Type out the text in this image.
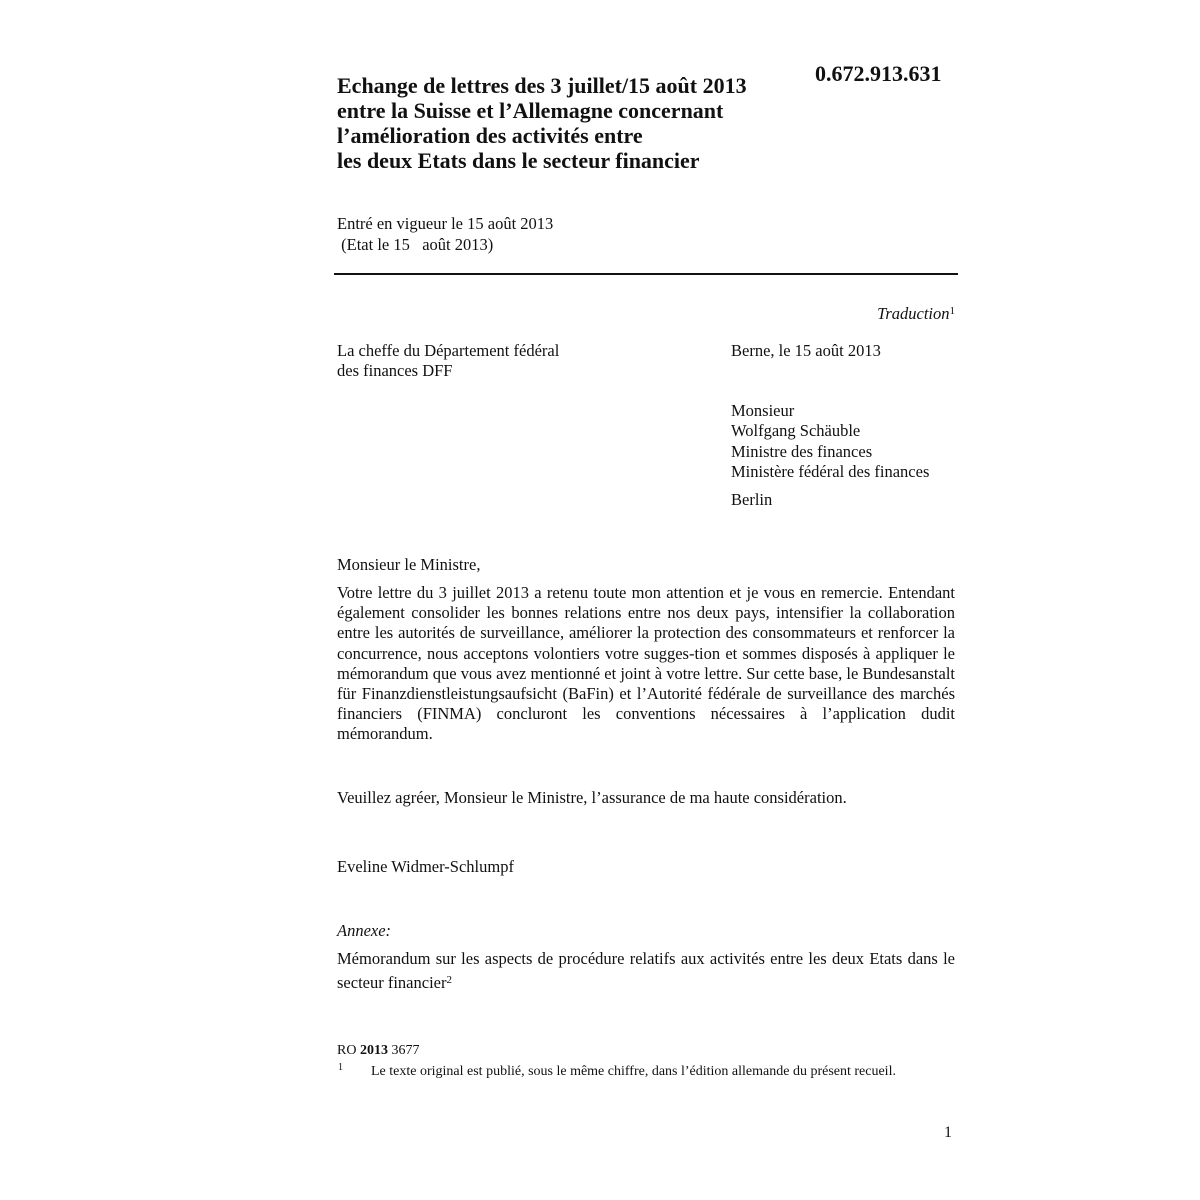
Echange de lettres des 3 juillet/15 août 2013
entre la Suisse et l’Allemagne concernant
l’amélioration des activités entre
les deux Etats dans le secteur financier
0.672.913.631
Entré en vigueur le 15 août 2013
(Etat le 15   août 2013)
Traduction$^1$
La cheffe du Département fédéral
des finances DFF
Berne, le 15 août 2013
Monsieur
Wolfgang Schäuble
Ministre des finances
Ministère fédéral des finances
Berlin
Monsieur le Ministre,
Votre lettre du 3 juillet 2013 a retenu toute mon attention et je vous en remercie. Entendant également consolider les bonnes relations entre nos deux pays, intensifier la collaboration entre les autorités de surveillance, améliorer la protection des consommateurs et renforcer la concurrence, nous acceptons volontiers votre sugges-tion et sommes disposés à appliquer le mémorandum que vous avez mentionné et joint à votre lettre. Sur cette base, le Bundesanstalt für Finanzdienstleistungsaufsicht (BaFin) et l’Autorité fédérale de surveillance des marchés financiers (FINMA) concluront les conventions nécessaires à l’application dudit mémorandum.
Veuillez agréer, Monsieur le Ministre, l’assurance de ma haute considération.
Eveline Widmer-Schlumpf
Annexe:
Mémorandum sur les aspects de procédure relatifs aux activités entre les deux Etats dans le secteur financier$^2$
RO 2013 3677
1 Le texte original est publié, sous le même chiffre, dans l’édition allemande du présent recueil.
1
